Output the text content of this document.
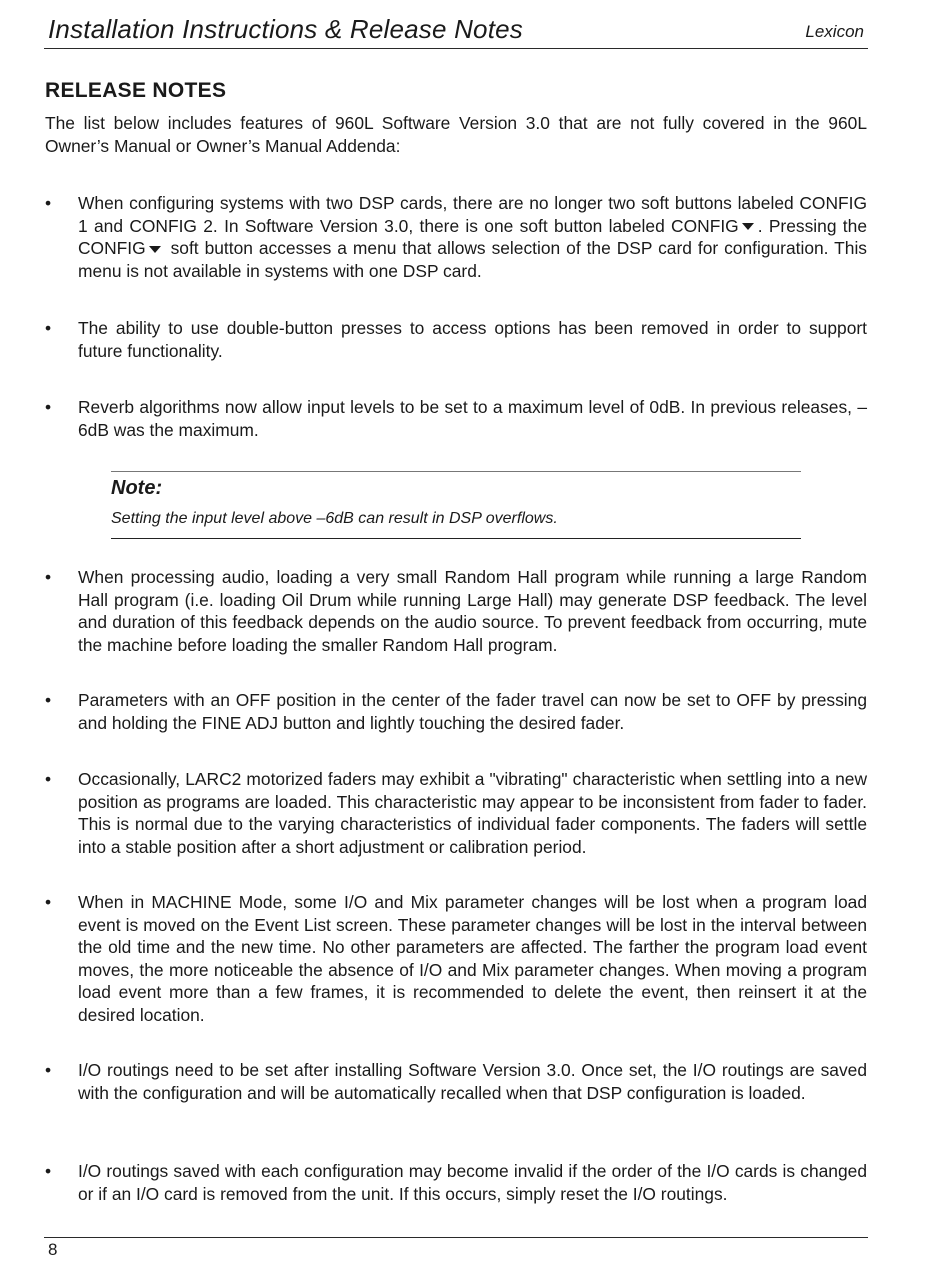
Installation Instructions & Release Notes	Lexicon
RELEASE NOTES
The list below includes features of 960L Software Version 3.0 that are not fully covered in the 960L Owner’s Manual or Owner’s Manual Addenda:
• When configuring systems with two DSP cards, there are no longer two soft buttons labeled CONFIG 1 and CONFIG 2. In Software Version 3.0, there is one soft button labeled CONFIG . Pressing the CONFIG soft button accesses a menu that allows selection of the DSP card for configuration. This menu is not available in systems with one DSP card.
• The ability to use double-button presses to access options has been removed in order to support future functionality.
• Reverb algorithms now allow input levels to be set to a maximum level of 0dB. In previous releases, –6dB was the maximum.
Note:
Setting the input level above –6dB can result in DSP overflows.
• When processing audio, loading a very small Random Hall program while running a large Random Hall program (i.e. loading Oil Drum while running Large Hall) may generate DSP feedback. The level and duration of this feedback depends on the audio source. To prevent feedback from occurring, mute the machine before loading the smaller Random Hall program.
• Parameters with an OFF position in the center of the fader travel can now be set to OFF by pressing and holding the FINE ADJ button and lightly touching the desired fader.
• Occasionally, LARC2 motorized faders may exhibit a "vibrating" characteristic when settling into a new position as programs are loaded. This characteristic may appear to be inconsistent from fader to fader. This is normal due to the varying characteristics of individual fader components. The faders will settle into a stable position after a short adjustment or calibration period.
• When in MACHINE Mode, some I/O and Mix parameter changes will be lost when a program load event is moved on the Event List screen. These parameter changes will be lost in the interval between the old time and the new time. No other parameters are affected. The farther the program load event moves, the more noticeable the absence of I/O and Mix parameter changes. When moving a program load event more than a few frames, it is recommended to delete the event, then reinsert it at the desired location.
• I/O routings need to be set after installing Software Version 3.0. Once set, the I/O routings are saved with the configuration and will be automatically recalled when that DSP configuration is loaded.
• I/O routings saved with each configuration may become invalid if the order of the I/O cards is changed or if an I/O card is removed from the unit. If this occurs, simply reset the I/O routings.
8
